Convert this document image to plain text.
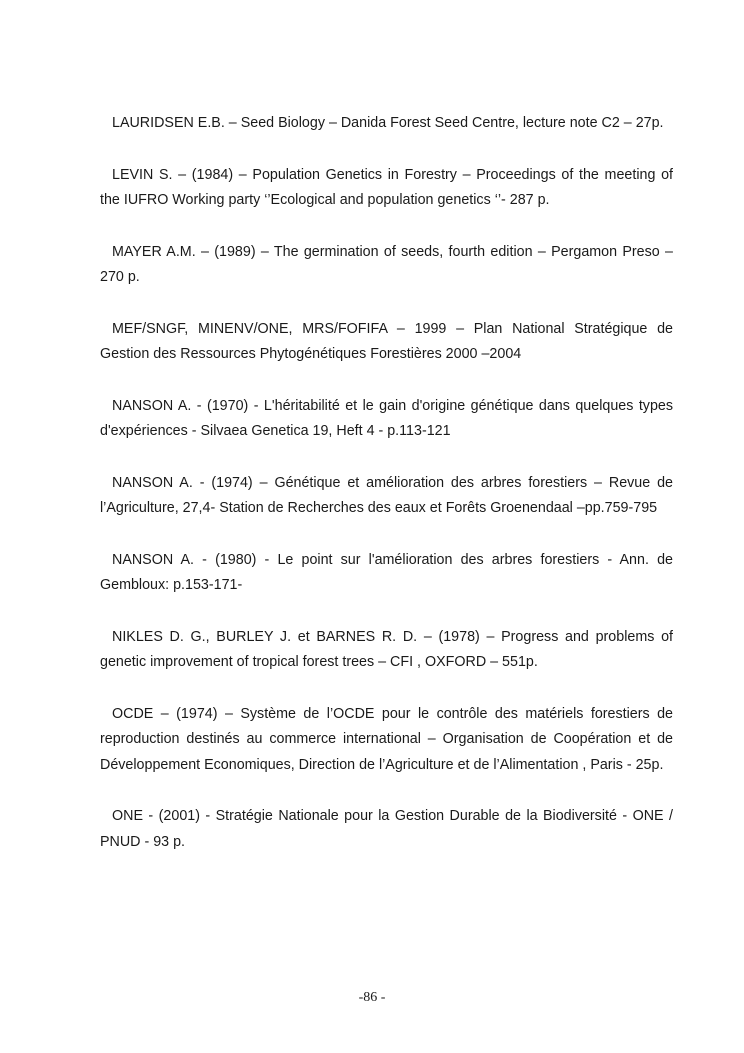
LAURIDSEN E.B. – Seed Biology – Danida Forest Seed Centre, lecture note C2 – 27p.

LEVIN S. – (1984) – Population Genetics in Forestry – Proceedings of the meeting of the IUFRO Working party ‘’Ecological and population genetics ‘’- 287 p.

MAYER A.M. – (1989) – The germination of seeds, fourth edition – Pergamon Preso – 270 p.

MEF/SNGF, MINENV/ONE, MRS/FOFIFA – 1999 – Plan National Stratégique de Gestion des Ressources Phytogénétiques Forestières 2000 –2004

NANSON A. - (1970) - L'héritabilité et le gain d'origine génétique dans quelques types d'expériences - Silvaea Genetica 19, Heft 4 - p.113-121

NANSON A. - (1974) – Génétique et amélioration des arbres forestiers – Revue de l’Agriculture, 27,4- Station de Recherches des eaux et Forêts Groenendaal –pp.759-795

NANSON A. - (1980) - Le point sur l'amélioration des arbres forestiers - Ann. de Gembloux: p.153-171-

NIKLES D. G., BURLEY J. et BARNES R. D. – (1978) – Progress and problems of genetic improvement of tropical forest trees – CFI , OXFORD – 551p.

OCDE – (1974) – Système de l’OCDE pour le contrôle des matériels forestiers de reproduction destinés au commerce international – Organisation de Coopération et de Développement Economiques, Direction de l’Agriculture et de l’Alimentation , Paris - 25p.

ONE - (2001) - Stratégie Nationale pour la Gestion Durable de la Biodiversité - ONE / PNUD - 93 p.

-86 -
